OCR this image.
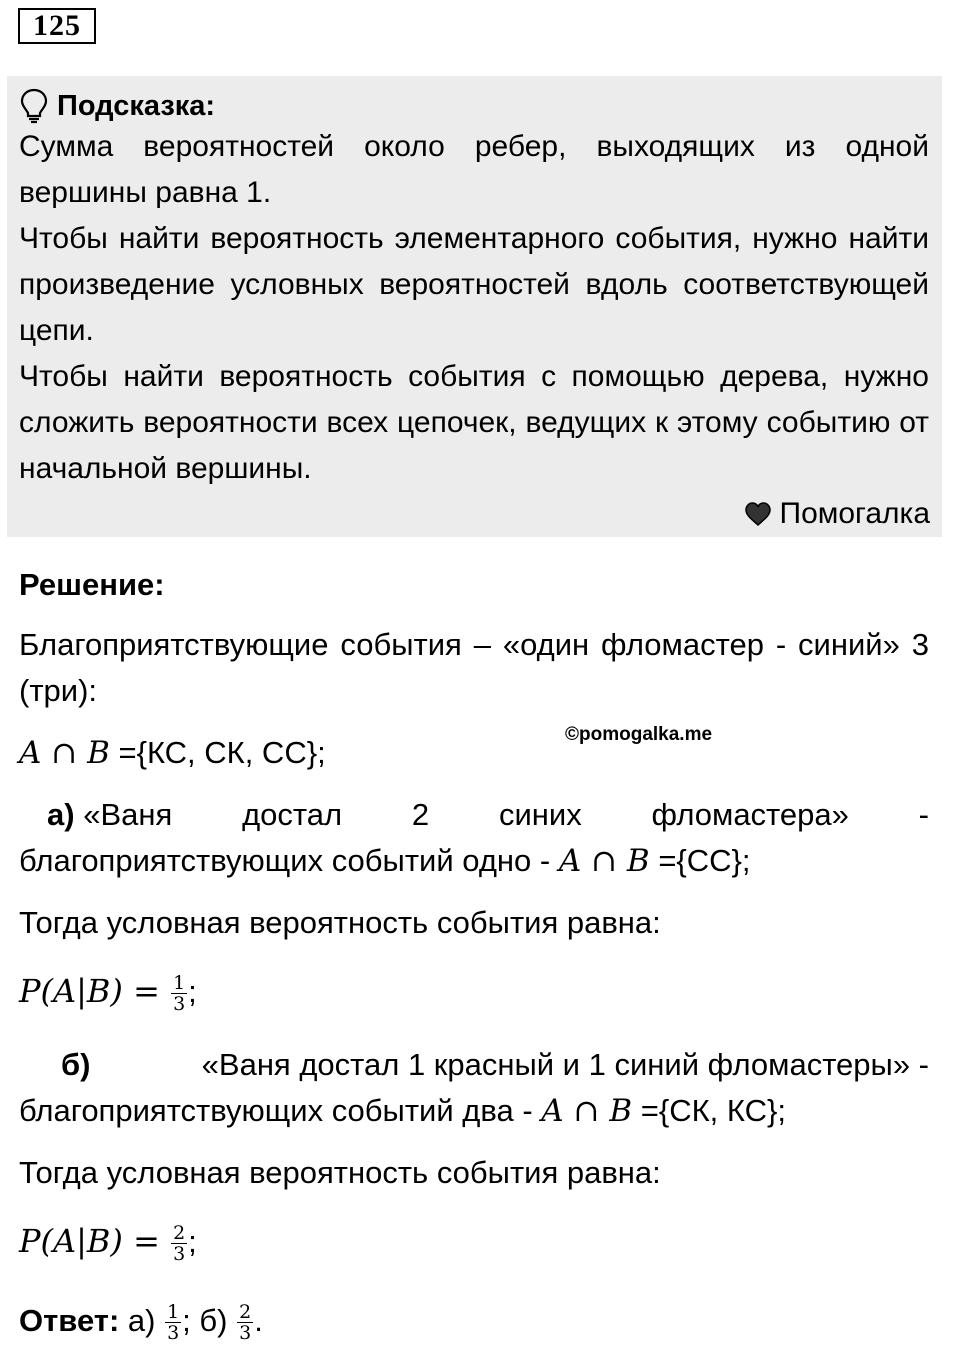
125
Подсказка:

Сумма вероятностей около ребер, выходящих из одной вершины равна 1.

Чтобы найти вероятность элементарного события, нужно найти произведение условных вероятностей вдоль соответствующей цепи.

Чтобы найти вероятность события с помощью дерева, нужно сложить вероятности всех цепочек, ведущих к этому событию от начальной вершины.

Помогалка
Решение:
Благоприятствующие события – «один фломастер - синий» 3 (три):
©pomogalka.me
A ∩ B ={КС, СК, СС};
а) «Ваня достал 2 синих фломастера» -
благоприятствующих событий одно - A ∩ B ={СС};
Тогда условная вероятность события равна:
$P(A|B) = \frac{1}{3}$ ;
б)	«Ваня достал 1 красный и 1 синий фломастеры» -
благоприятствующих событий два - A ∩ B ={СК, КС};
Тогда условная вероятность события равна:
$P(A|B) = \frac{2}{3}$ ;
Ответ: $а) \frac{1}{3}$ ; $б) \frac{2}{3}$ .
